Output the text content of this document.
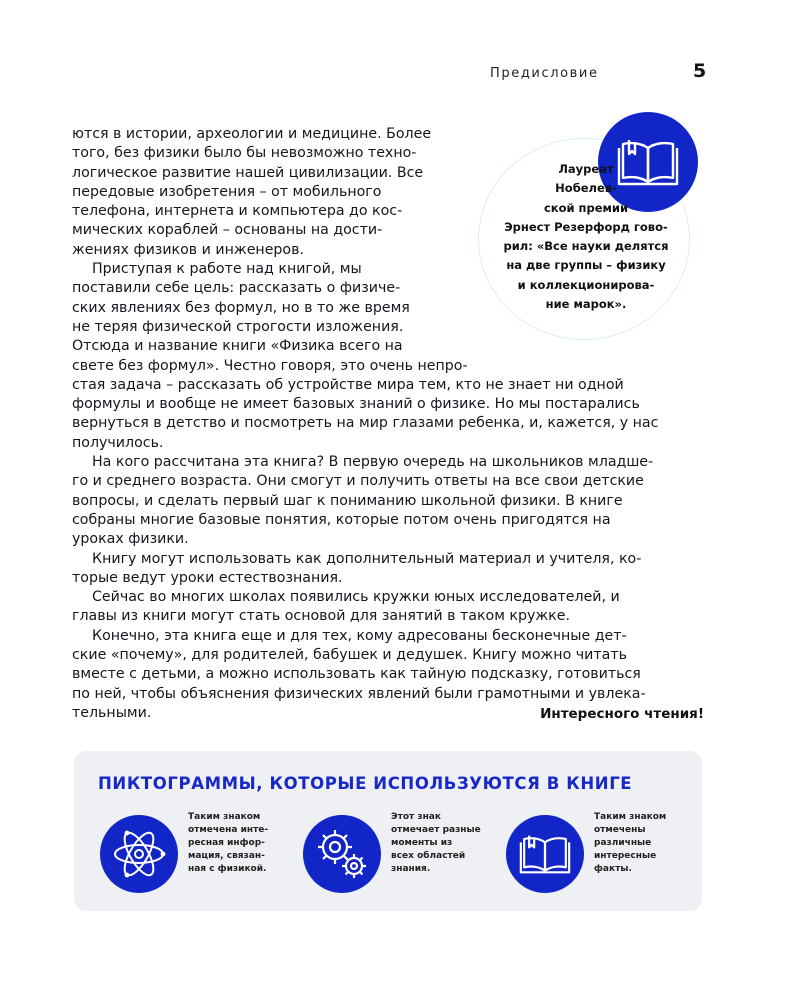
Предисловие	5
Лауреат
Нобелев-
ской премии
Эрнест Резерфорд гово-
рил: «Все науки делятся
на две группы – физику
и коллекционирова-
ние марок».
ются в истории, археологии и медицине. Более
того, без физики было бы невозможно техно-
логическое развитие нашей цивилизации. Все
передовые изобретения – от мобильного
телефона, интернета и компьютера до кос-
мических кораблей – основаны на дости-
жениях физиков и инженеров.
Приступая к работе над книгой, мы
поставили себе цель: рассказать о физиче-
ских явлениях без формул, но в то же время
не теряя физической строгости изложения.
Отсюда и название книги «Физика всего на
свете без формул». Честно говоря, это очень непро-
стая задача – рассказать об устройстве мира тем, кто не знает ни одной
формулы и вообще не имеет базовых знаний о физике. Но мы постарались
вернуться в детство и посмотреть на мир глазами ребенка, и, кажется, у нас
получилось.
На кого рассчитана эта книга? В первую очередь на школьников младше-
го и среднего возраста. Они смогут и получить ответы на все свои детские
вопросы, и сделать первый шаг к пониманию школьной физики. В книге
собраны многие базовые понятия, которые потом очень пригодятся на
уроках физики.
Книгу могут использовать как дополнительный материал и учителя, ко-
торые ведут уроки естествознания.
Сейчас во многих школах появились кружки юных исследователей, и
главы из книги могут стать основой для занятий в таком кружке.
Конечно, эта книга еще и для тех, кому адресованы бесконечные дет-
ские «почему», для родителей, бабушек и дедушек. Книгу можно читать
вместе с детьми, а можно использовать как тайную подсказку, готовиться
по ней, чтобы объяснения физических явлений были грамотными и увлека-
тельными.	Интересного чтения!
ПИКТОГРАММЫ, КОТОРЫЕ ИСПОЛЬЗУЮТСЯ В КНИГЕ
Таким знаком
отмечена инте-
ресная инфор-
мация, связан-
ная с физикой.
Этот знак
отмечает разные
моменты из
всех областей
знания.
Таким знаком
отмечены
различные
интересные
факты.
